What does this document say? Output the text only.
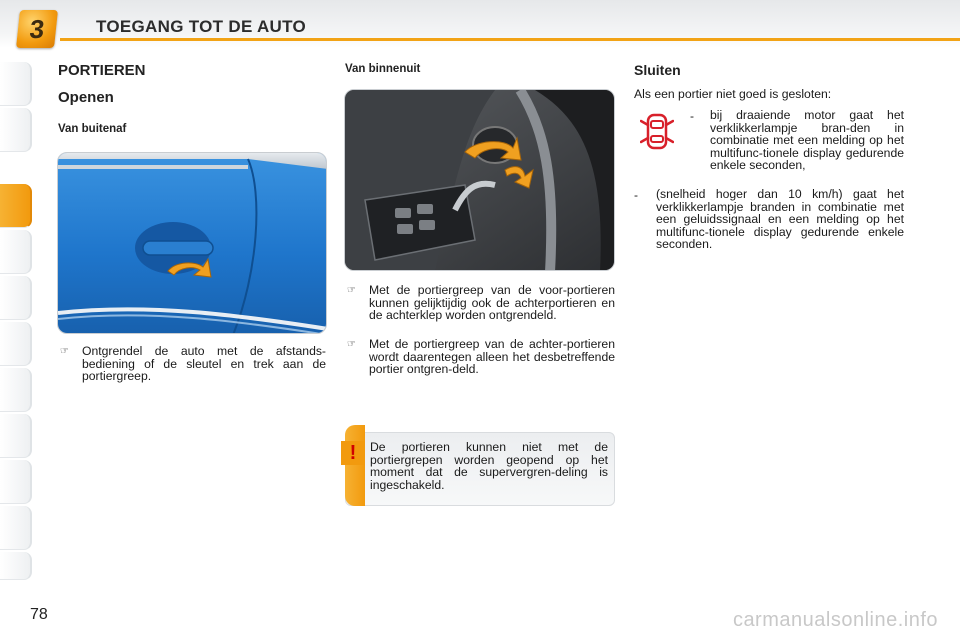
3	TOEGANG TOT DE AUTO
PORTIEREN
Openen
Van buitenaf
☞	Ontgrendel de auto met de afstands-bediening of de sleutel en trek aan de portiergreep.
Van binnenuit
☞	Met de portiergreep van de voor-portieren kunnen gelijktijdig ook de achterportieren en de achterklep worden ontgrendeld.
☞	Met de portiergreep van de achter-portieren wordt daarentegen alleen het desbetreffende portier ontgren-deld.
!	De portieren kunnen niet met de portiergrepen worden geopend op het moment dat de supervergren-deling is ingeschakeld.
Sluiten
Als een portier niet goed is gesloten:
-	bij draaiende motor gaat het verklikkerlampje bran-den in combinatie met een melding op het multifunc-tionele display gedurende enkele seconden,
-	(snelheid hoger dan 10 km/h) gaat het verklikkerlampje branden in combinatie met een geluidssignaal en een melding op het multifunc-tionele display gedurende enkele seconden.
78	carmanualsonline.info
